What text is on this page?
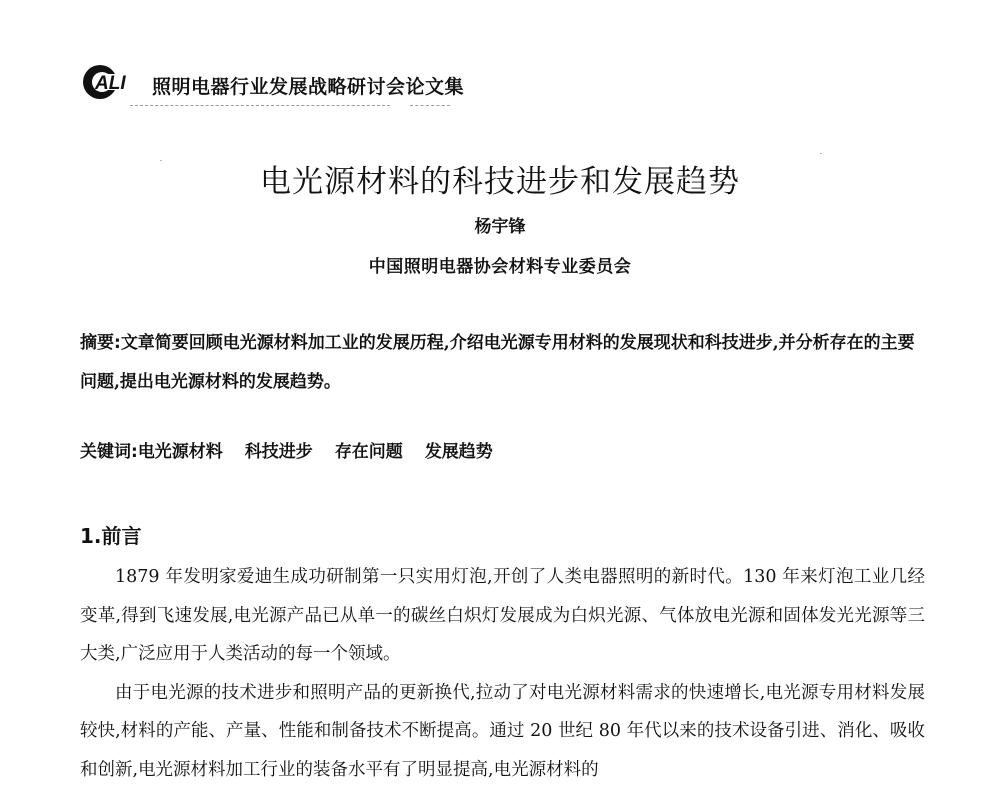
ALI 照明电器行业发展战略研讨会论文集
电光源材料的科技进步和发展趋势
杨宇锋
中国照明电器协会材料专业委员会
摘要:文章简要回顾电光源材料加工业的发展历程,介绍电光源专用材料的发展现状和科技进步,并分析存在的主要问题,提出电光源材料的发展趋势。
关键词:电光源材料 科技进步 存在问题 发展趋势
1.前言

1879 年发明家爱迪生成功研制第一只实用灯泡,开创了人类电器照明的新时代。130 年来灯泡工业几经变革,得到飞速发展,电光源产品已从单一的碳丝白炽灯发展成为白炽光源、气体放电光源和固体发光光源等三大类,广泛应用于人类活动的每一个领域。

由于电光源的技术进步和照明产品的更新换代,拉动了对电光源材料需求的快速增长,电光源专用材料发展较快,材料的产能、产量、性能和制备技术不断提高。通过 20 世纪 80 年代以来的技术设备引进、消化、吸收和创新,电光源材料加工行业的装备水平有了明显提高,电光源材料的
